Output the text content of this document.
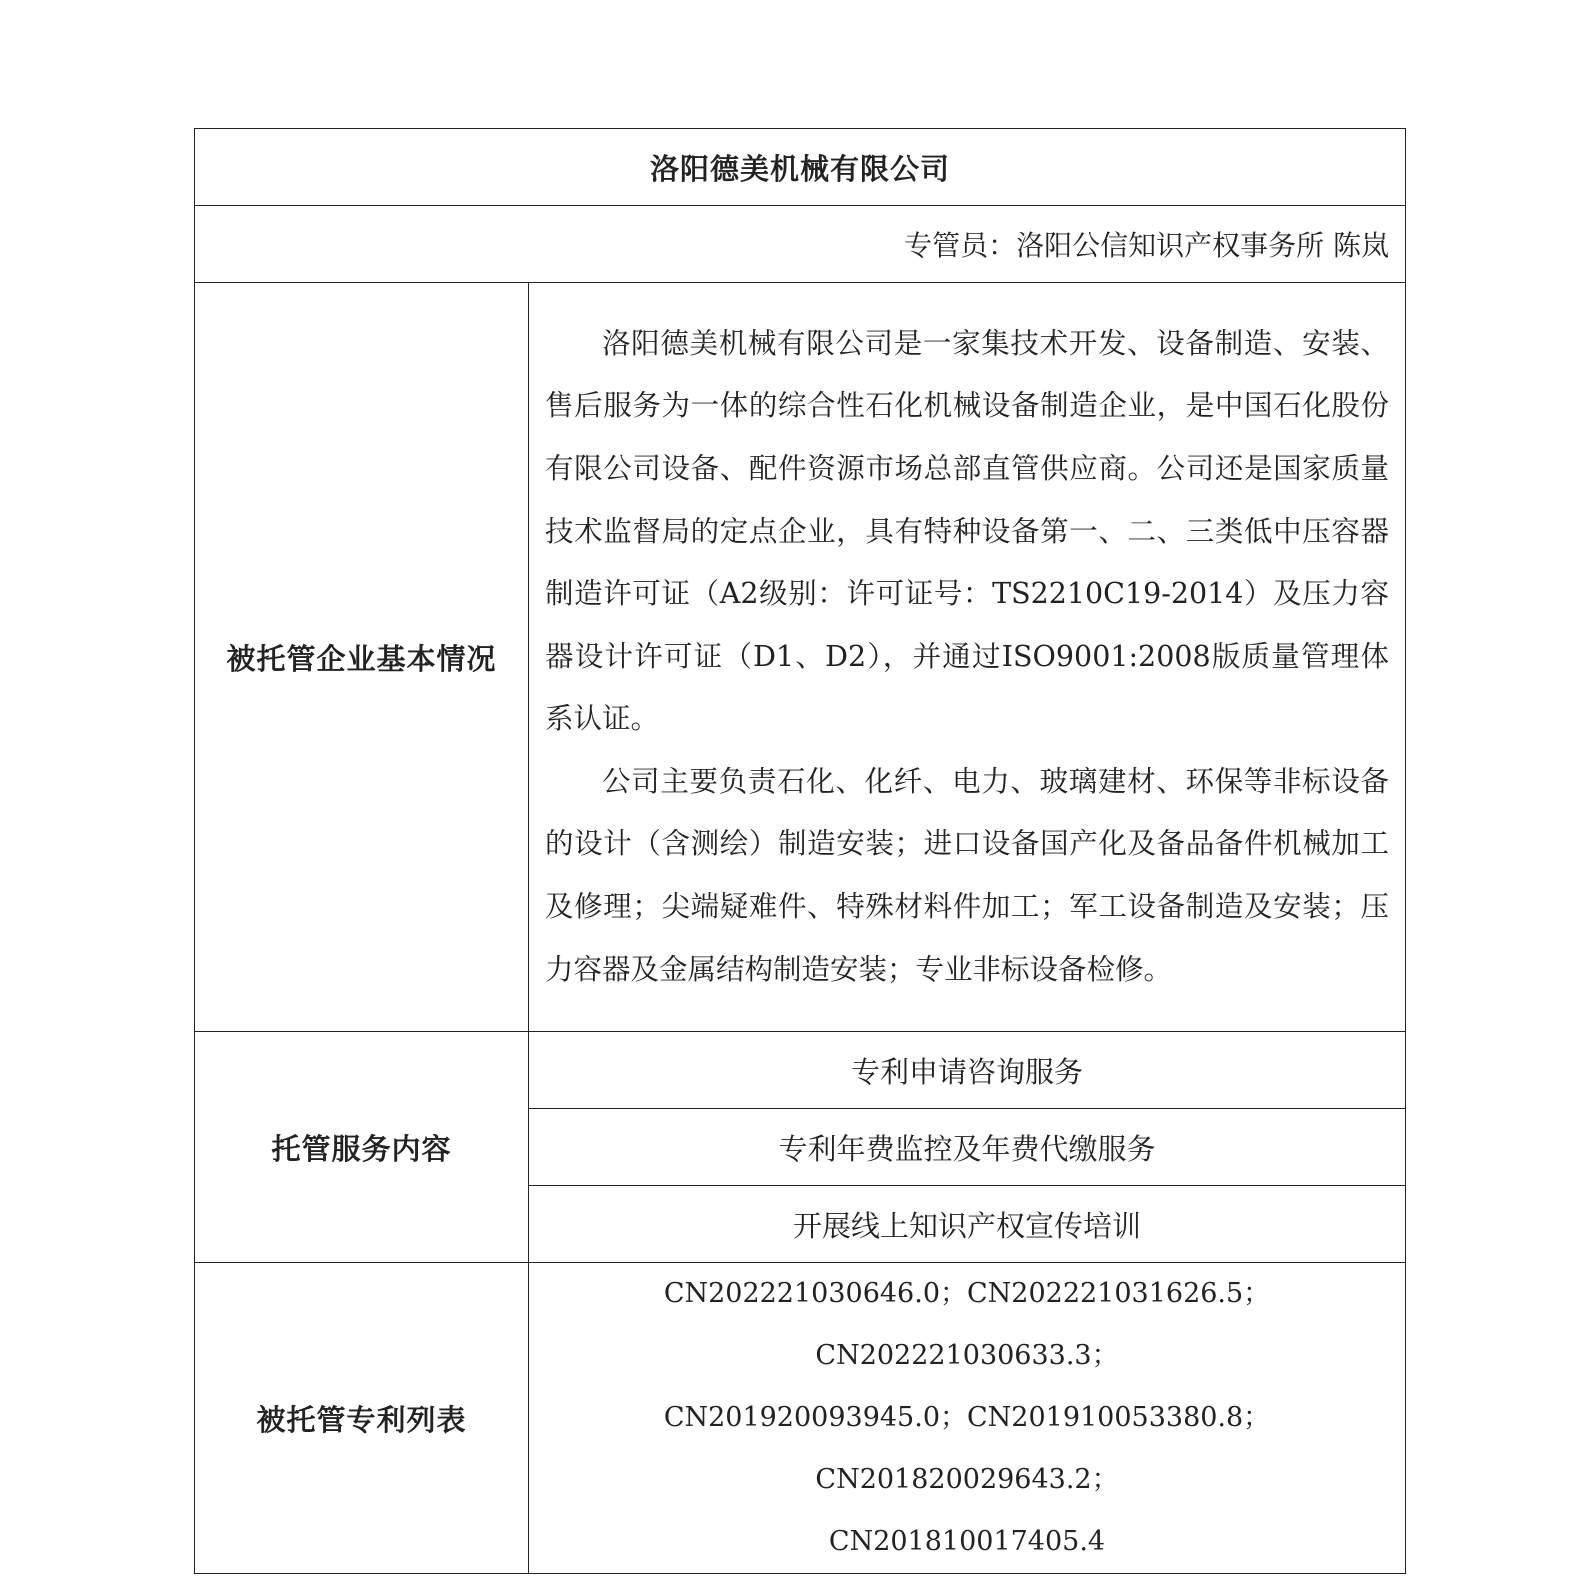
洛阳德美机械有限公司	
专管员：洛阳公信知识产权事务所 陈岚	
被托管企业基本情况	洛阳德美机械有限公司是一家集技术开发、设备制造、安装、售后服务为一体的综合性石化机械设备制造企业，是中国石化股份有限公司设备、配件资源市场总部直管供应商。公司还是国家质量技术监督局的定点企业，具有特种设备第一、二、三类低中压容器制造许可证（A2级别：许可证号：TS2210C19-2014）及压力容器设计许可证（D1、D2），并通过ISO9001:2008版质量管理体系认证。

公司主要负责石化、化纤、电力、玻璃建材、环保等非标设备的设计（含测绘）制造安装；进口设备国产化及备品备件机械加工及修理；尖端疑难件、特殊材料件加工；军工设备制造及安装；压力容器及金属结构制造安装；专业非标设备检修。

托管服务内容	专利申请咨询服务
	专利年费监控及年费代缴服务
	开展线上知识产权宣传培训
被托管专利列表	CN202221030646.0；CN202221031626.5；CN202221030633.3；
CN201920093945.0；CN201910053380.8；CN201820029643.2；
CN201810017405.4
